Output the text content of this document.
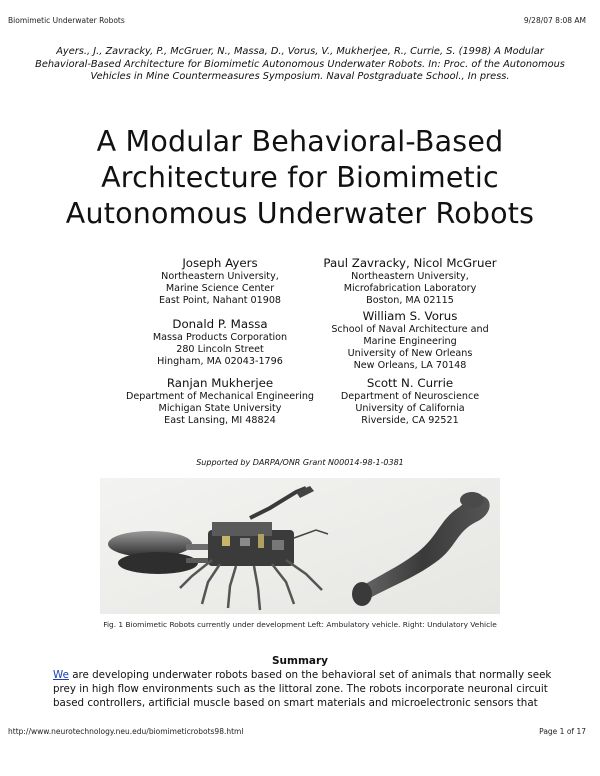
Biomimetic Underwater Robots	9/28/07 8:08 AM
Ayers., J., Zavracky, P., McGruer, N., Massa, D., Vorus, V., Mukherjee, R., Currie, S. (1998) A Modular
Behavioral-Based Architecture for Biomimetic Autonomous Underwater Robots. In: Proc. of the Autonomous
Vehicles in Mine Countermeasures Symposium. Naval Postgraduate School., In press.
A Modular Behavioral-Based
Architecture for Biomimetic
Autonomous Underwater Robots
Joseph Ayers
Northeastern University,
Marine Science Center
East Point, Nahant 01908
Donald P. Massa
Massa Products Corporation
280 Lincoln Street
Hingham, MA 02043-1796
Ranjan Mukherjee
Department of Mechanical Engineering
Michigan State University
East Lansing, MI 48824
Paul Zavracky, Nicol McGruer
Northeastern University,
Microfabrication Laboratory
Boston, MA 02115
William S. Vorus
School of Naval Architecture and
Marine Engineering
University of New Orleans
New Orleans, LA 70148
Scott N. Currie
Department of Neuroscience
University of California
Riverside, CA 92521
Supported by DARPA/ONR Grant N00014-98-1-0381
Fig. 1 Biomimetic Robots currently under development Left: Ambulatory vehicle. Right: Undulatory Vehicle
Summary
We are developing underwater robots based on the behavioral set of animals that normally seek
prey in high flow environments such as the littoral zone. The robots incorporate neuronal circuit
based controllers, artificial muscle based on smart materials and microelectronic sensors that
http://www.neurotechnology.neu.edu/biomimeticrobots98.html	Page 1 of 17
